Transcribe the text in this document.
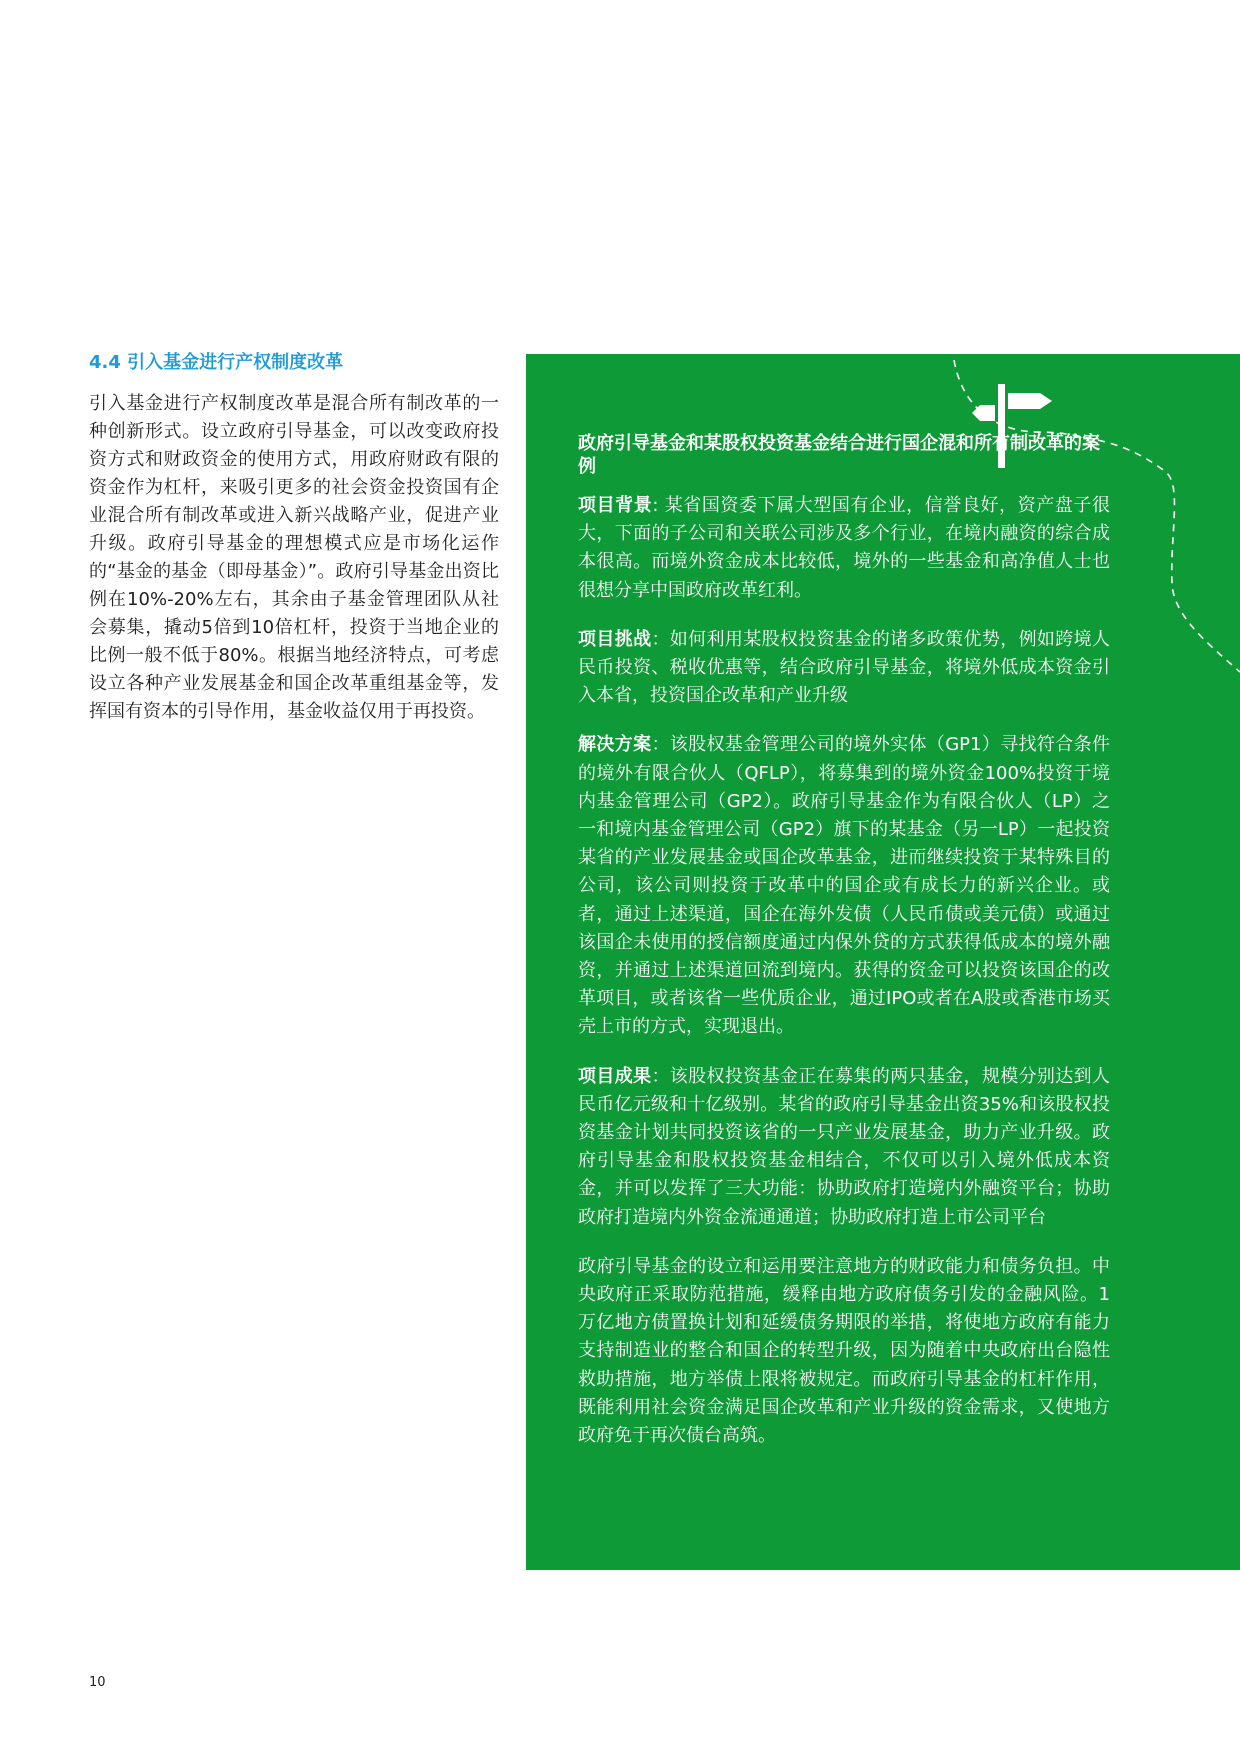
4.4 引入基金进行产权制度改革

引入基金进行产权制度改革是混合所有制改革的一种创新形式。设立政府引导基金，可以改变政府投资方式和财政资金的使用方式，用政府财政有限的资金作为杠杆，来吸引更多的社会资金投资国有企业混合所有制改革或进入新兴战略产业，促进产业升级。政府引导基金的理想模式应是市场化运作的“基金的基金（即母基金）”。政府引导基金出资比例在10%-20%左右，其余由子基金管理团队从社会募集，撬动5倍到10倍杠杆，投资于当地企业的比例一般不低于80%。根据当地经济特点，可考虑设立各种产业发展基金和国企改革重组基金等，发挥国有资本的引导作用，基金收益仅用于再投资。

政府引导基金和某股权投资基金结合进行国企混和所有制改革的案例

项目背景: 某省国资委下属大型国有企业，信誉良好，资产盘子很大，下面的子公司和关联公司涉及多个行业，在境内融资的综合成本很高。而境外资金成本比较低，境外的一些基金和高净值人士也很想分享中国政府改革红利。

项目挑战：如何利用某股权投资基金的诸多政策优势，例如跨境人民币投资、税收优惠等，结合政府引导基金，将境外低成本资金引入本省，投资国企改革和产业升级

解决方案：该股权基金管理公司的境外实体（GP1）寻找符合条件的境外有限合伙人（QFLP），将募集到的境外资金100%投资于境内基金管理公司（GP2）。政府引导基金作为有限合伙人（LP）之一和境内基金管理公司（GP2）旗下的某基金（另一LP）一起投资某省的产业发展基金或国企改革基金，进而继续投资于某特殊目的公司，该公司则投资于改革中的国企或有成长力的新兴企业。或者，通过上述渠道，国企在海外发债（人民币债或美元债）或通过该国企未使用的授信额度通过内保外贷的方式获得低成本的境外融资，并通过上述渠道回流到境内。获得的资金可以投资该国企的改革项目，或者该省一些优质企业，通过IPO或者在A股或香港市场买壳上市的方式，实现退出。

项目成果：该股权投资基金正在募集的两只基金，规模分别达到人民币亿元级和十亿级别。某省的政府引导基金出资35%和该股权投资基金计划共同投资该省的一只产业发展基金，助力产业升级。政府引导基金和股权投资基金相结合，不仅可以引入境外低成本资金，并可以发挥了三大功能：协助政府打造境内外融资平台；协助政府打造境内外资金流通通道；协助政府打造上市公司平台

政府引导基金的设立和运用要注意地方的财政能力和债务负担。中央政府正采取防范措施，缓释由地方政府债务引发的金融风险。1万亿地方债置换计划和延缓债务期限的举措，将使地方政府有能力支持制造业的整合和国企的转型升级，因为随着中央政府出台隐性救助措施，地方举债上限将被规定。而政府引导基金的杠杆作用，既能利用社会资金满足国企改革和产业升级的资金需求，又使地方政府免于再次债台高筑。

10
